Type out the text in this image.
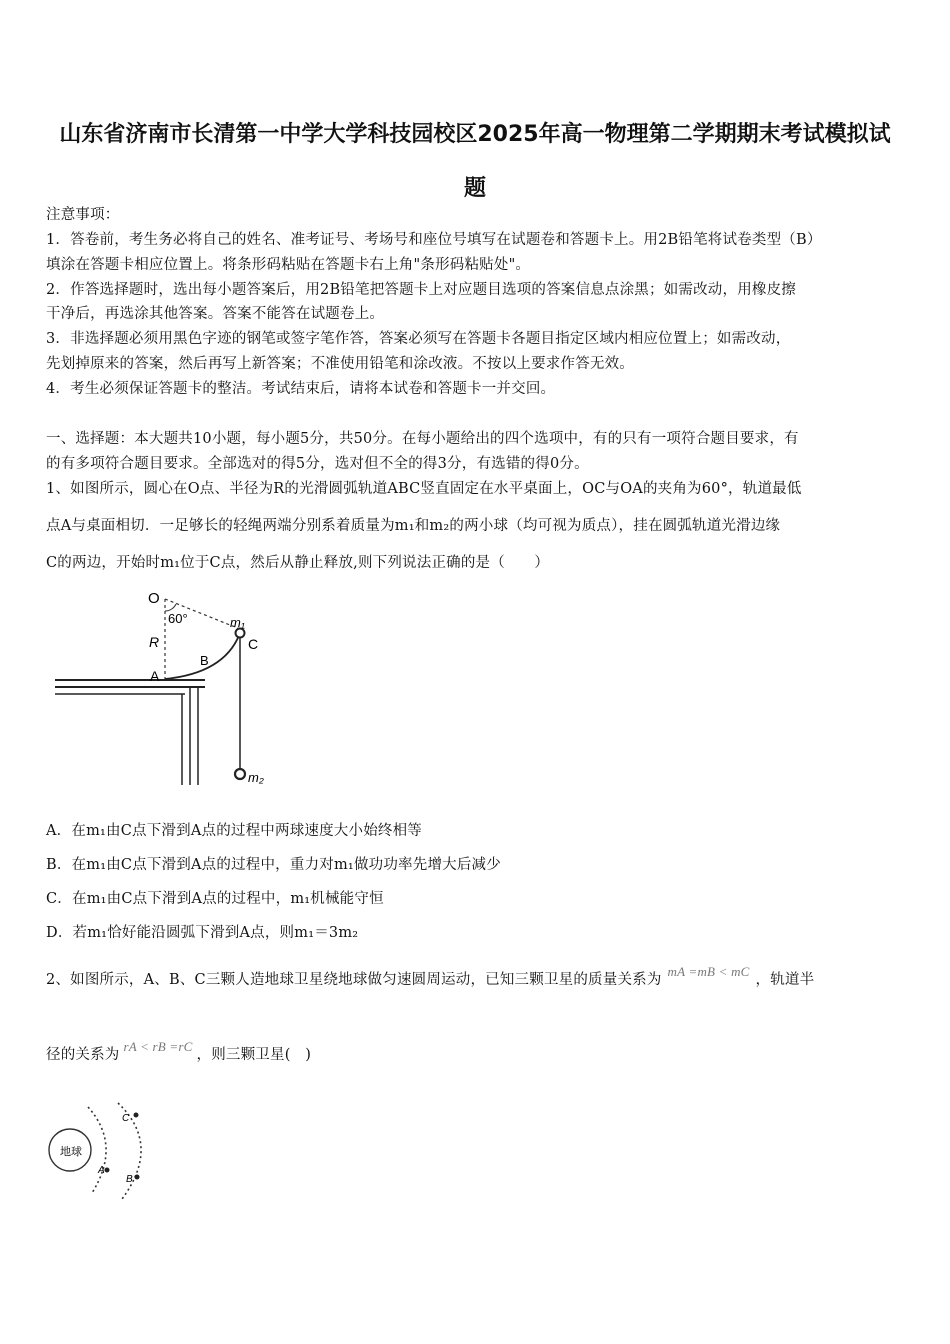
山东省济南市长清第一中学大学科技园校区2025年高一物理第二学期期末考试模拟试
题
注意事项：
1．答卷前，考生务必将自己的姓名、准考证号、考场号和座位号填写在试题卷和答题卡上。用2B铅笔将试卷类型（B）
填涂在答题卡相应位置上。将条形码粘贴在答题卡右上角"条形码粘贴处"。
2．作答选择题时，选出每小题答案后，用2B铅笔把答题卡上对应题目选项的答案信息点涂黑；如需改动，用橡皮擦
干净后，再选涂其他答案。答案不能答在试题卷上。
3．非选择题必须用黑色字迹的钢笔或签字笔作答，答案必须写在答题卡各题目指定区域内相应位置上；如需改动，
先划掉原来的答案，然后再写上新答案；不准使用铅笔和涂改液。不按以上要求作答无效。
4．考生必须保证答题卡的整洁。考试结束后，请将本试卷和答题卡一并交回。
一、选择题：本大题共10小题，每小题5分，共50分。在每小题给出的四个选项中，有的只有一项符合题目要求，有
的有多项符合题目要求。全部选对的得5分，选对但不全的得3分，有选错的得0分。
1、如图所示，圆心在O点、半径为R的光滑圆弧轨道ABC竖直固定在水平桌面上，OC与OA的夹角为60°，轨道最低
点A与桌面相切．一足够长的轻绳两端分别系着质量为m₁和m₂的两小球（均可视为质点），挂在圆弧轨道光滑边缘
C的两边，开始时m₁位于C点，然后从静止释放,则下列说法正确的是（　　）
O
60°	m₁
C
R
B
A
m₂
A．在m₁由C点下滑到A点的过程中两球速度大小始终相等
B．在m₁由C点下滑到A点的过程中，重力对m₁做功功率先增大后减少
C．在m₁由C点下滑到A点的过程中，m₁机械能守恒
D．若m₁恰好能沿圆弧下滑到A点，则m₁＝3m₂
2、如图所示，A、B、C三颗人造地球卫星绕地球做匀速圆周运动，已知三颗卫星的质量关系为mA =mB < mC，轨道半
径的关系为rA < rB =rC，则三颗卫星(　)
地球
A
B
C
